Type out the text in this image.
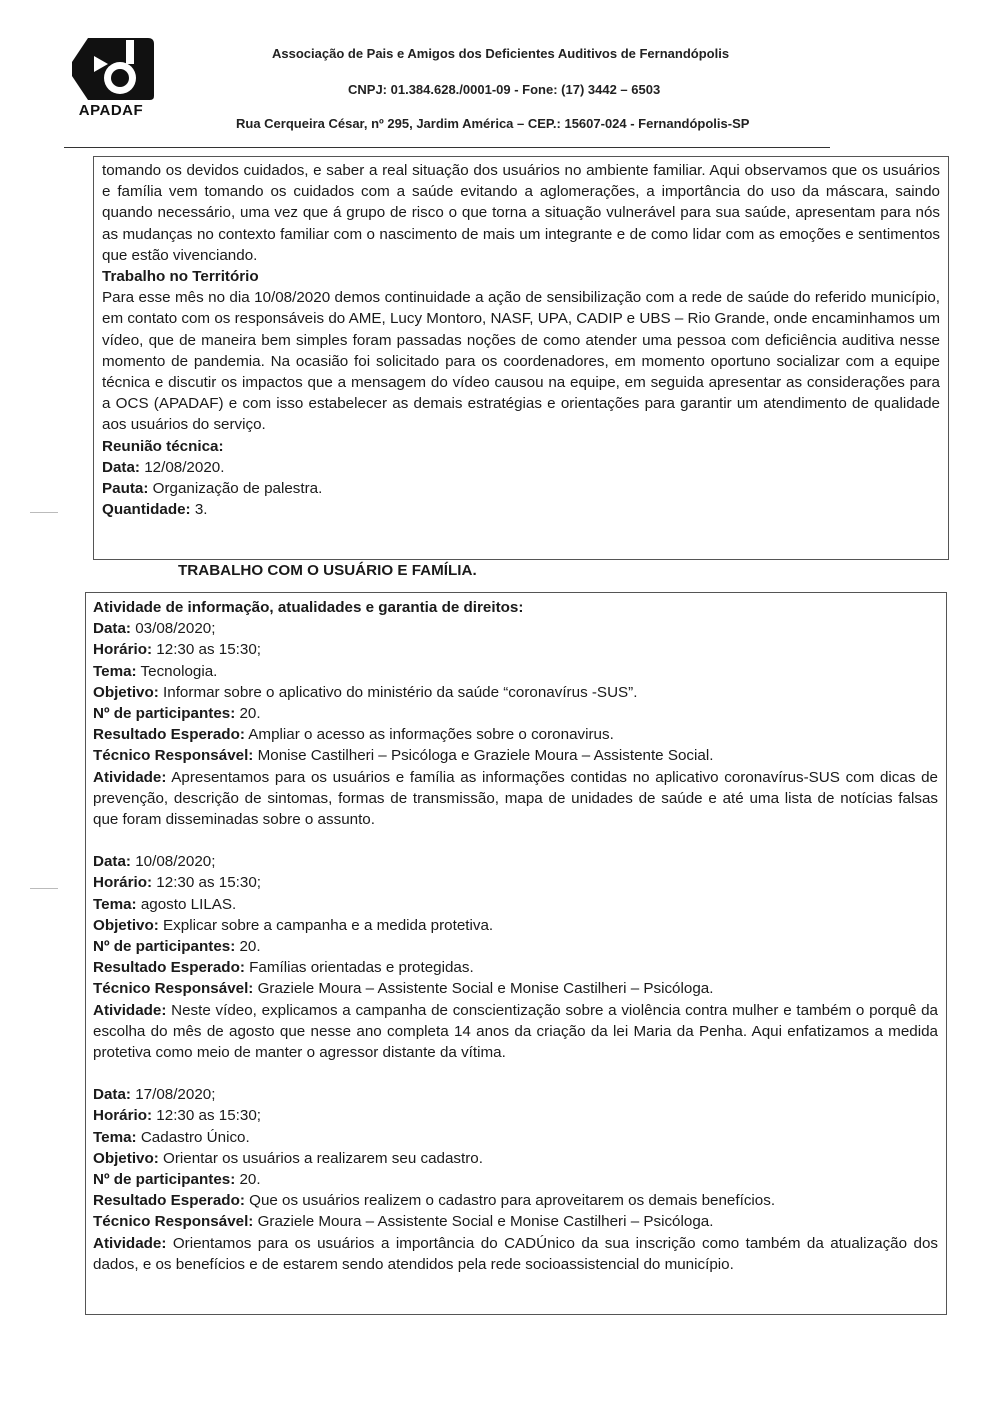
APADAF
Associação de Pais e Amigos dos Deficientes Auditivos de Fernandópolis
CNPJ: 01.384.628./0001-09 - Fone: (17) 3442 – 6503
Rua Cerqueira César, nº 295, Jardim América – CEP.: 15607-024 - Fernandópolis-SP

tomando os devidos cuidados, e saber a real situação dos usuários no ambiente familiar. Aqui observamos que os usuários e família vem tomando os cuidados com a saúde evitando a aglomerações, a importância do uso da máscara, saindo quando necessário, uma vez que á grupo de risco o que torna a situação vulnerável para sua saúde, apresentam para nós as mudanças no contexto familiar com o nascimento de mais um integrante e de como lidar com as emoções e sentimentos que estão vivenciando.

Trabalho no Território

Para esse mês no dia 10/08/2020 demos continuidade a ação de sensibilização com a rede de saúde do referido município, em contato com os responsáveis do AME, Lucy Montoro, NASF, UPA, CADIP e UBS – Rio Grande, onde encaminhamos um vídeo, que de maneira bem simples foram passadas noções de como atender uma pessoa com deficiência auditiva nesse momento de pandemia. Na ocasião foi solicitado para os coordenadores, em momento oportuno socializar com a equipe técnica e discutir os impactos que a mensagem do vídeo causou na equipe, em seguida apresentar as considerações para a OCS (APADAF) e com isso estabelecer as demais estratégias e orientações para garantir um atendimento de qualidade aos usuários do serviço.

Reunião técnica:

Data: 12/08/2020.

Pauta: Organização de palestra.

Quantidade: 3.

TRABALHO COM O USUÁRIO E FAMÍLIA.

Atividade de informação, atualidades e garantia de direitos:

Data: 03/08/2020;

Horário: 12:30 as 15:30;

Tema: Tecnologia.

Objetivo: Informar sobre o aplicativo do ministério da saúde “coronavírus -SUS”.

Nº de participantes: 20.

Resultado Esperado: Ampliar o acesso as informações sobre o coronavirus.

Técnico Responsável: Monise Castilheri – Psicóloga e Graziele Moura – Assistente Social.

Atividade: Apresentamos para os usuários e família as informações contidas no aplicativo coronavírus-SUS com dicas de prevenção, descrição de sintomas, formas de transmissão, mapa de unidades de saúde e até uma lista de notícias falsas que foram disseminadas sobre o assunto.

Data: 10/08/2020;

Horário: 12:30 as 15:30;

Tema: agosto LILAS.

Objetivo: Explicar sobre a campanha e a medida protetiva.

Nº de participantes: 20.

Resultado Esperado: Famílias orientadas e protegidas.

Técnico Responsável: Graziele Moura – Assistente Social e Monise Castilheri – Psicóloga.

Atividade: Neste vídeo, explicamos a campanha de conscientização sobre a violência contra mulher e também o porquê da escolha do mês de agosto que nesse ano completa 14 anos da criação da lei Maria da Penha. Aqui enfatizamos a medida protetiva como meio de manter o agressor distante da vítima.

Data: 17/08/2020;

Horário: 12:30 as 15:30;

Tema: Cadastro Único.

Objetivo: Orientar os usuários a realizarem seu cadastro.

Nº de participantes: 20.

Resultado Esperado: Que os usuários realizem o cadastro para aproveitarem os demais benefícios.

Técnico Responsável: Graziele Moura – Assistente Social e Monise Castilheri – Psicóloga.

Atividade: Orientamos para os usuários a importância do CADÚnico da sua inscrição como também da atualização dos dados, e os benefícios e de estarem sendo atendidos pela rede socioassistencial do município.
